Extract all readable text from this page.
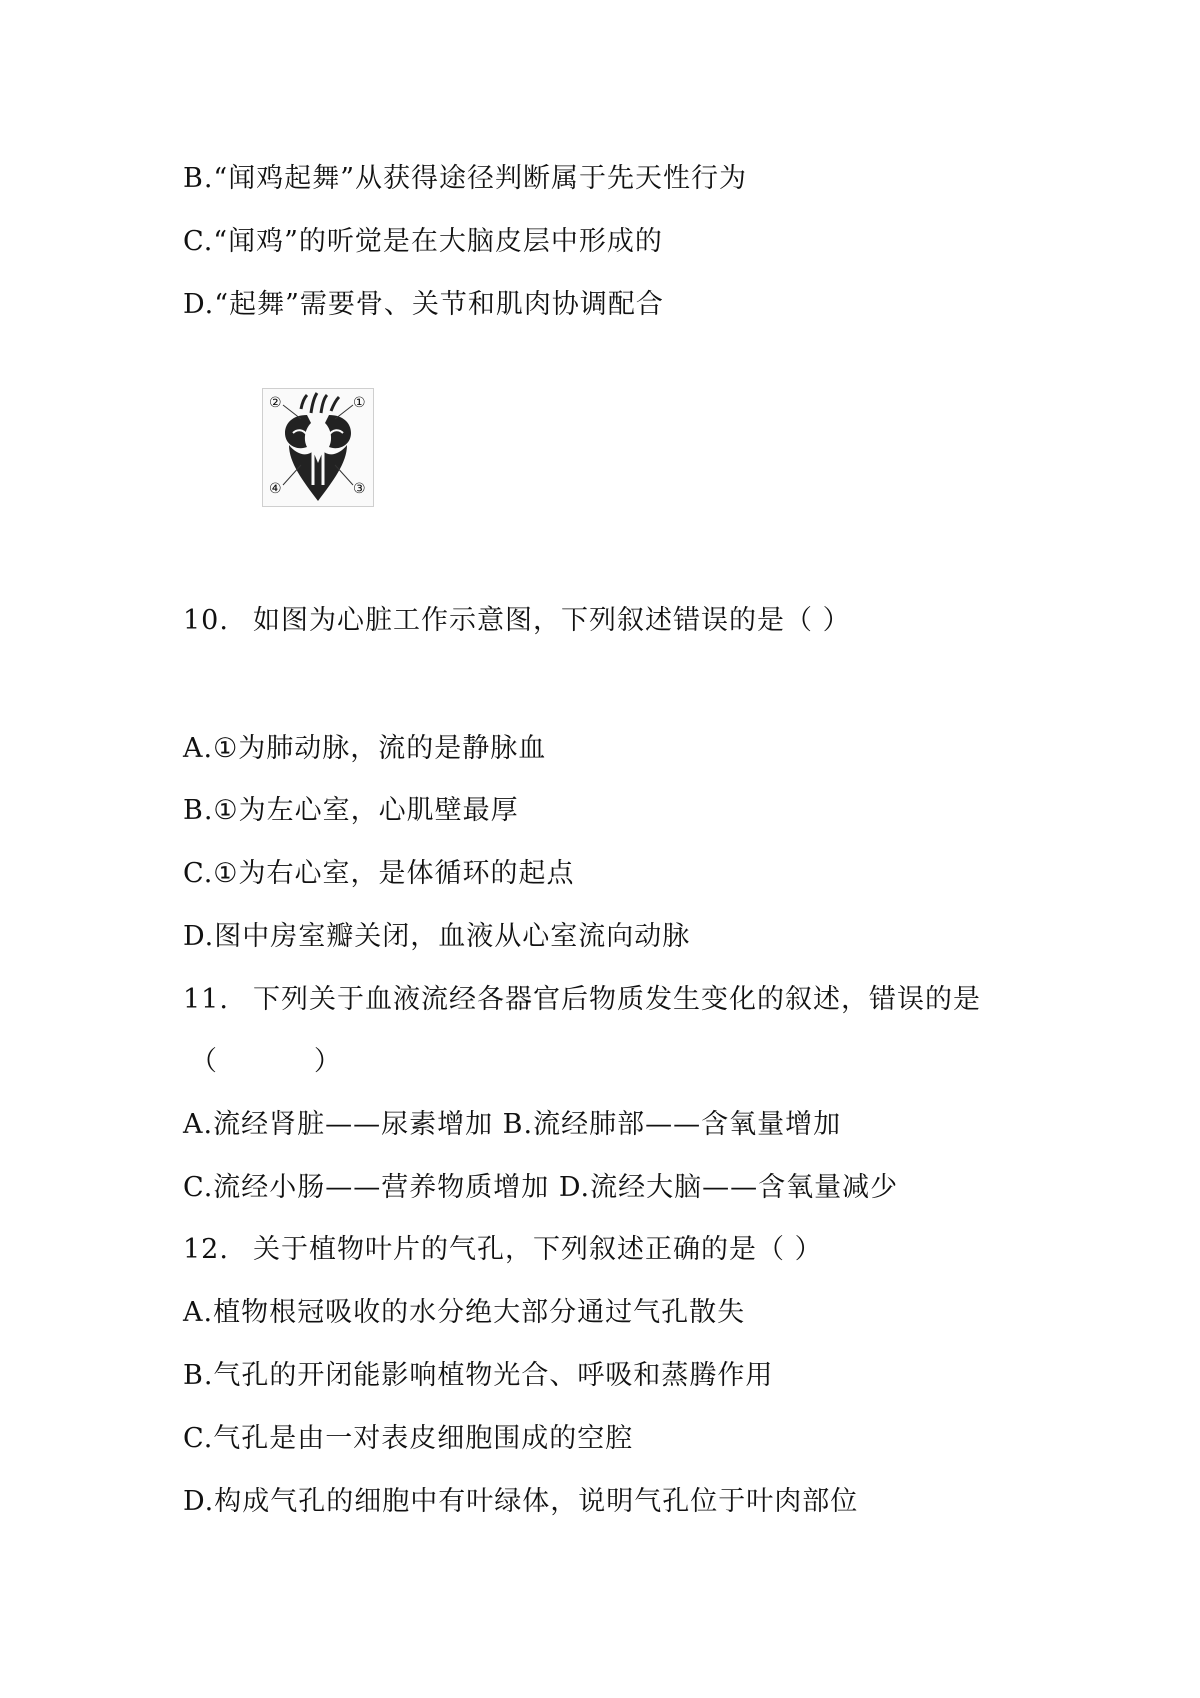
B.“闻鸡起舞”从获得途径判断属于先天性行为
C.“闻鸡”的听觉是在大脑皮层中形成的
D.“起舞”需要骨、关节和肌肉协调配合
②	①
④	③
10. 如图为心脏工作示意图，下列叙述错误的是（ ）
A.①为肺动脉，流的是静脉血
B.①为左心室，心肌壁最厚
C.①为右心室，是体循环的起点
D.图中房室瓣关闭，血液从心室流向动脉
11. 下列关于血液流经各器官后物质发生变化的叙述，错误的是
（          ）
A.流经肾脏——尿素增加 B.流经肺部——含氧量增加
C.流经小肠——营养物质增加 D.流经大脑——含氧量减少
12. 关于植物叶片的气孔，下列叙述正确的是（ ）
A.植物根冠吸收的水分绝大部分通过气孔散失
B.气孔的开闭能影响植物光合、呼吸和蒸腾作用
C.气孔是由一对表皮细胞围成的空腔
D.构成气孔的细胞中有叶绿体，说明气孔位于叶肉部位
